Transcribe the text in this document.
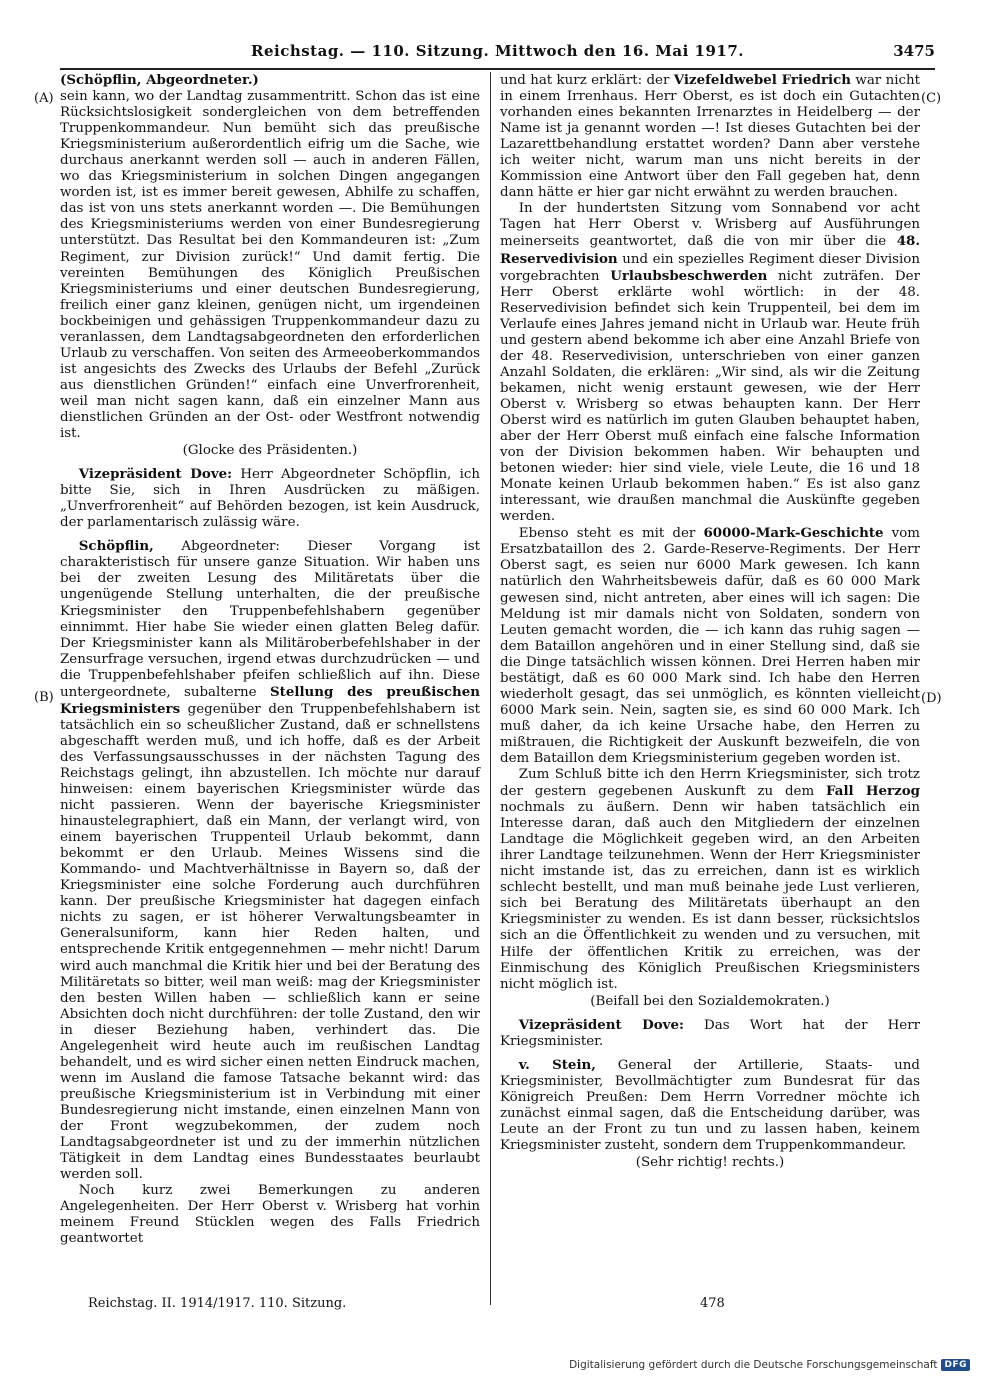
Reichstag. — 110. Sitzung. Mittwoch den 16. Mai 1917.	3475
(A)
(B)
(C)
(D)

(Schöpflin, Abgeordneter.)

sein kann, wo der Landtag zusammentritt. Schon das ist eine Rücksichtslosigkeit sondergleichen von dem betreffenden Truppenkommandeur. Nun bemüht sich das preußische Kriegsministerium außerordentlich eifrig um die Sache, wie durchaus anerkannt werden soll — auch in anderen Fällen, wo das Kriegsministerium in solchen Dingen angegangen worden ist, ist es immer bereit gewesen, Abhilfe zu schaffen, das ist von uns stets anerkannt worden —. Die Bemühungen des Kriegsministeriums werden von einer Bundesregierung unterstützt. Das Resultat bei den Kommandeuren ist: „Zum Regiment, zur Division zurück!“ Und damit fertig. Die vereinten Bemühungen des Königlich Preußischen Kriegsministeriums und einer deutschen Bundesregierung, freilich einer ganz kleinen, genügen nicht, um irgendeinen bockbeinigen und gehässigen Truppenkommandeur dazu zu veranlassen, dem Landtagsabgeordneten den erforderlichen Urlaub zu verschaffen. Von seiten des Armeeoberkommandos ist angesichts des Zwecks des Urlaubs der Befehl „Zurück aus dienstlichen Gründen!“ einfach eine Unverfrorenheit, weil man nicht sagen kann, daß ein einzelner Mann aus dienstlichen Gründen an der Ost- oder Westfront notwendig ist.

(Glocke des Präsidenten.)

Vizepräsident Dove: Herr Abgeordneter Schöpflin, ich bitte Sie, sich in Ihren Ausdrücken zu mäßigen. „Unverfrorenheit“ auf Behörden bezogen, ist kein Ausdruck, der parlamentarisch zulässig wäre.

Schöpflin, Abgeordneter: Dieser Vorgang ist charakteristisch für unsere ganze Situation. Wir haben uns bei der zweiten Lesung des Militäretats über die ungenügende Stellung unterhalten, die der preußische Kriegsminister den Truppenbefehlshabern gegenüber einnimmt. Hier habe Sie wieder einen glatten Beleg dafür. Der Kriegsminister kann als Militäroberbefehlshaber in der Zensurfrage versuchen, irgend etwas durchzudrücken — und die Truppenbefehlshaber pfeifen schließlich auf ihn. Diese untergeordnete, subalterne Stellung des preußischen Kriegsministers gegenüber den Truppenbefehlshabern ist tatsächlich ein so scheußlicher Zustand, daß er schnellstens abgeschafft werden muß, und ich hoffe, daß es der Arbeit des Verfassungsausschusses in der nächsten Tagung des Reichstags gelingt, ihn abzustellen. Ich möchte nur darauf hinweisen: einem bayerischen Kriegsminister würde das nicht passieren. Wenn der bayerische Kriegsminister hinaustelegraphiert, daß ein Mann, der verlangt wird, von einem bayerischen Truppenteil Urlaub bekommt, dann bekommt er den Urlaub. Meines Wissens sind die Kommando- und Machtverhältnisse in Bayern so, daß der Kriegsminister eine solche Forderung auch durchführen kann. Der preußische Kriegsminister hat dagegen einfach nichts zu sagen, er ist höherer Verwaltungsbeamter in Generalsuniform, kann hier Reden halten, und entsprechende Kritik entgegennehmen — mehr nicht! Darum wird auch manchmal die Kritik hier und bei der Beratung des Militäretats so bitter, weil man weiß: mag der Kriegsminister den besten Willen haben — schließlich kann er seine Absichten doch nicht durchführen: der tolle Zustand, den wir in dieser Beziehung haben, verhindert das. Die Angelegenheit wird heute auch im reußischen Landtag behandelt, und es wird sicher einen netten Eindruck machen, wenn im Ausland die famose Tatsache bekannt wird: das preußische Kriegsministerium ist in Verbindung mit einer Bundesregierung nicht imstande, einen einzelnen Mann von der Front wegzubekommen, der zudem noch Landtagsabgeordneter ist und zu der immerhin nützlichen Tätigkeit in dem Landtag eines Bundesstaates beurlaubt werden soll.

Noch kurz zwei Bemerkungen zu anderen Angelegenheiten. Der Herr Oberst v. Wrisberg hat vorhin meinem Freund Stücklen wegen des Falls Friedrich geantwortet

und hat kurz erklärt: der Vizefeldwebel Friedrich war nicht in einem Irrenhaus. Herr Oberst, es ist doch ein Gutachten vorhanden eines bekannten Irrenarztes in Heidelberg — der Name ist ja genannt worden —! Ist dieses Gutachten bei der Lazarettbehandlung erstattet worden? Dann aber verstehe ich weiter nicht, warum man uns nicht bereits in der Kommission eine Antwort über den Fall gegeben hat, denn dann hätte er hier gar nicht erwähnt zu werden brauchen.

In der hundertsten Sitzung vom Sonnabend vor acht Tagen hat Herr Oberst v. Wrisberg auf Ausführungen meinerseits geantwortet, daß die von mir über die 48. Reservedivision und ein spezielles Regiment dieser Division vorgebrachten Urlaubsbeschwerden nicht zuträfen. Der Herr Oberst erklärte wohl wörtlich: in der 48. Reservedivision befindet sich kein Truppenteil, bei dem im Verlaufe eines Jahres jemand nicht in Urlaub war. Heute früh und gestern abend bekomme ich aber eine Anzahl Briefe von der 48. Reservedivision, unterschrieben von einer ganzen Anzahl Soldaten, die erklären: „Wir sind, als wir die Zeitung bekamen, nicht wenig erstaunt gewesen, wie der Herr Oberst v. Wrisberg so etwas behaupten kann. Der Herr Oberst wird es natürlich im guten Glauben behauptet haben, aber der Herr Oberst muß einfach eine falsche Information von der Division bekommen haben. Wir behaupten und betonen wieder: hier sind viele, viele Leute, die 16 und 18 Monate keinen Urlaub bekommen haben.“ Es ist also ganz interessant, wie draußen manchmal die Auskünfte gegeben werden.

Ebenso steht es mit der 60000-Mark-Geschichte vom Ersatzbataillon des 2. Garde-Reserve-Regiments. Der Herr Oberst sagt, es seien nur 6000 Mark gewesen. Ich kann natürlich den Wahrheitsbeweis dafür, daß es 60 000 Mark gewesen sind, nicht antreten, aber eines will ich sagen: Die Meldung ist mir damals nicht von Soldaten, sondern von Leuten gemacht worden, die — ich kann das ruhig sagen — dem Bataillon angehören und in einer Stellung sind, daß sie die Dinge tatsächlich wissen können. Drei Herren haben mir bestätigt, daß es 60 000 Mark sind. Ich habe den Herren wiederholt gesagt, das sei unmöglich, es könnten vielleicht 6000 Mark sein. Nein, sagten sie, es sind 60 000 Mark. Ich muß daher, da ich keine Ursache habe, den Herren zu mißtrauen, die Richtigkeit der Auskunft bezweifeln, die von dem Bataillon dem Kriegsministerium gegeben worden ist.

Zum Schluß bitte ich den Herrn Kriegsminister, sich trotz der gestern gegebenen Auskunft zu dem Fall Herzog nochmals zu äußern. Denn wir haben tatsächlich ein Interesse daran, daß auch den Mitgliedern der einzelnen Landtage die Möglichkeit gegeben wird, an den Arbeiten ihrer Landtage teilzunehmen. Wenn der Herr Kriegsminister nicht imstande ist, das zu erreichen, dann ist es wirklich schlecht bestellt, und man muß beinahe jede Lust verlieren, sich bei Beratung des Militäretats überhaupt an den Kriegsminister zu wenden. Es ist dann besser, rücksichtslos sich an die Öffentlichkeit zu wenden und zu versuchen, mit Hilfe der öffentlichen Kritik zu erreichen, was der Einmischung des Königlich Preußischen Kriegsministers nicht möglich ist.

(Beifall bei den Sozialdemokraten.)

Vizepräsident Dove: Das Wort hat der Herr Kriegsminister.

v. Stein, General der Artillerie, Staats- und Kriegsminister, Bevollmächtigter zum Bundesrat für das Königreich Preußen: Dem Herrn Vorredner möchte ich zunächst einmal sagen, daß die Entscheidung darüber, was Leute an der Front zu tun und zu lassen haben, keinem Kriegsminister zusteht, sondern dem Truppenkommandeur.

(Sehr richtig! rechts.)

Reichstag. II. 1914/1917. 110. Sitzung.	478
Digitalisierung gefördert durch die Deutsche Forschungsgemeinschaft DFG
